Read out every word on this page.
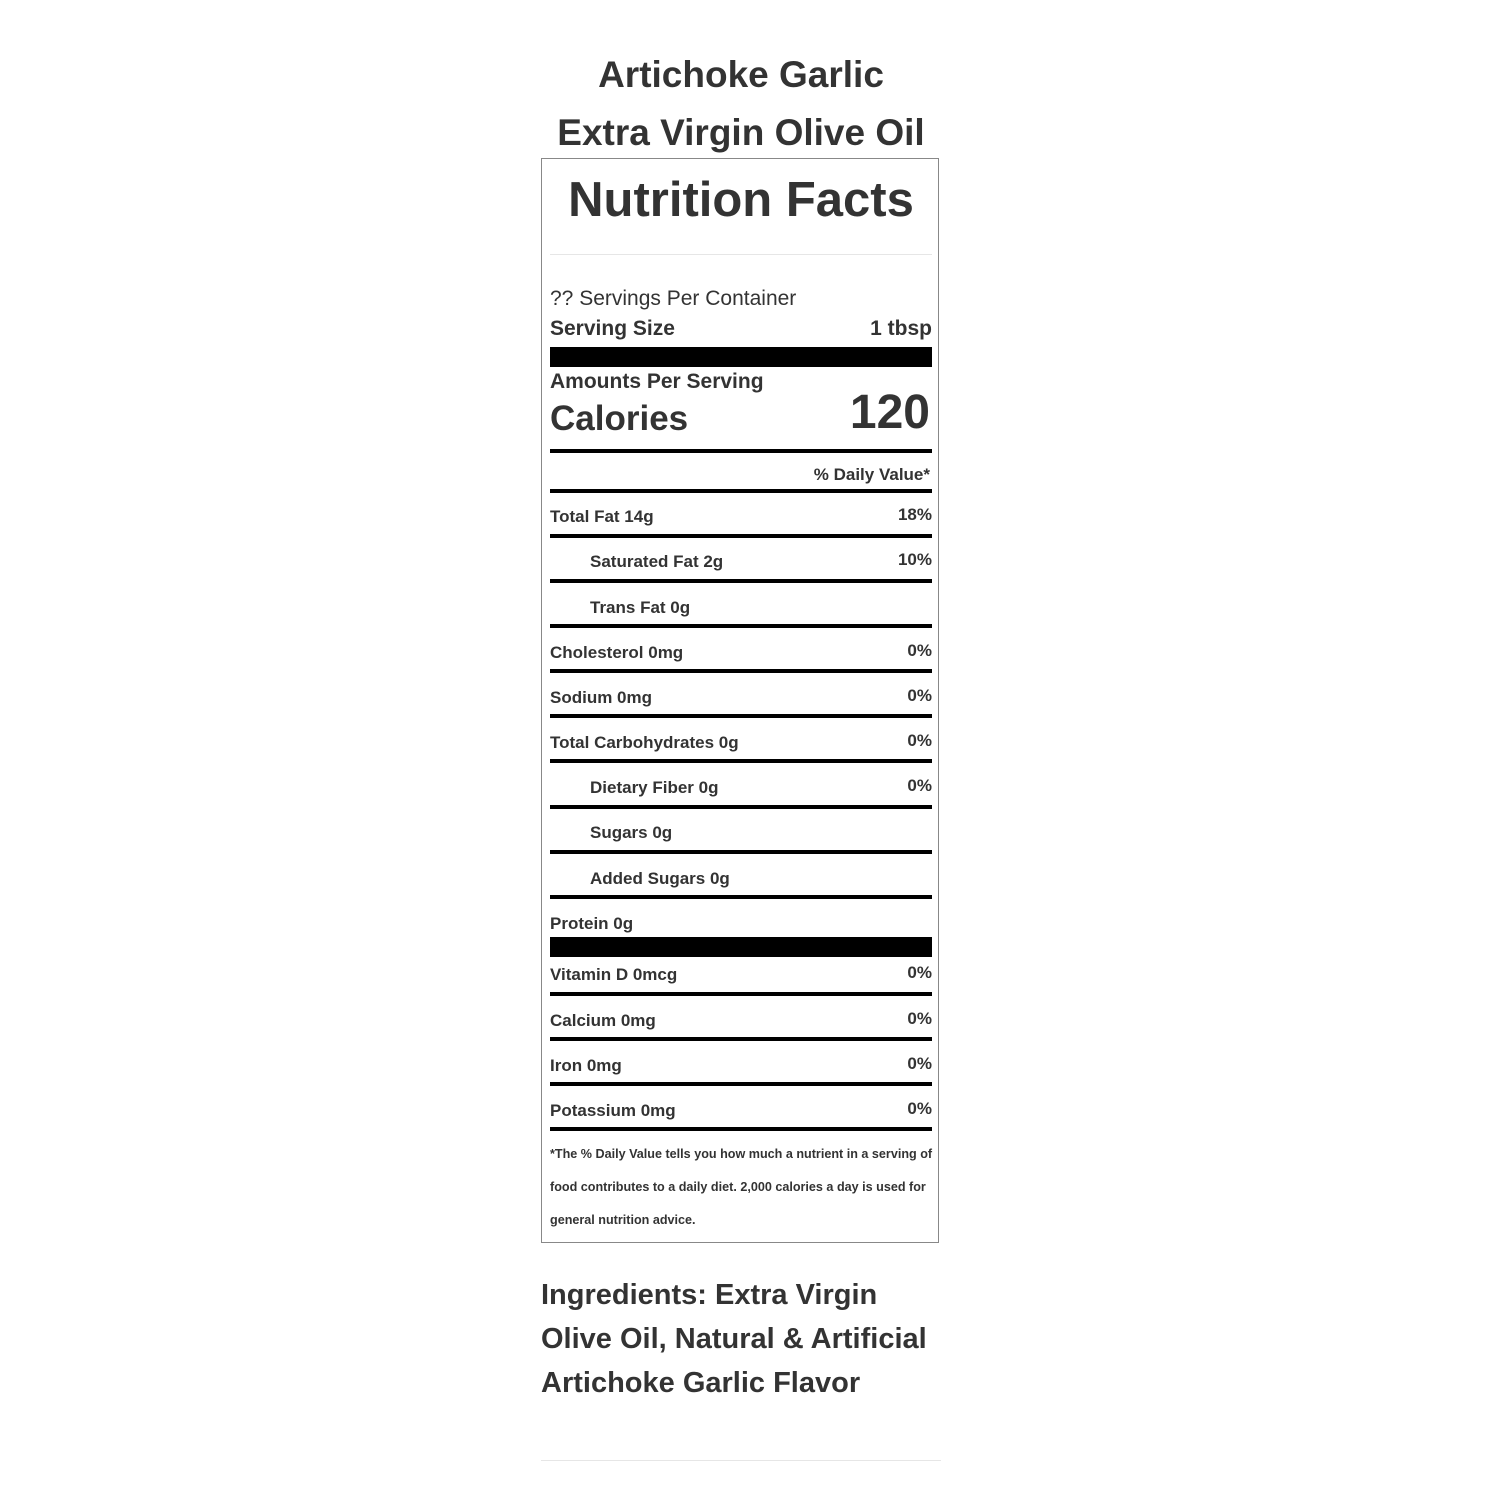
Artichoke Garlic
Extra Virgin Olive Oil
Nutrition Facts
?? Servings Per Container
Serving Size	1 tbsp
Amounts Per Serving
Calories	120
% Daily Value*
Total Fat 14g	18%
Saturated Fat 2g	10%
Trans Fat 0g
Cholesterol 0mg	0%
Sodium 0mg	0%
Total Carbohydrates 0g	0%
Dietary Fiber 0g	0%
Sugars 0g
Added Sugars 0g
Protein 0g
Vitamin D 0mcg	0%
Calcium 0mg	0%
Iron 0mg	0%
Potassium 0mg	0%
*The % Daily Value tells you how much a nutrient in a serving of food contributes to a daily diet. 2,000 calories a day is used for general nutrition advice.
Ingredients: Extra Virgin
Olive Oil, Natural & Artificial
Artichoke Garlic Flavor
